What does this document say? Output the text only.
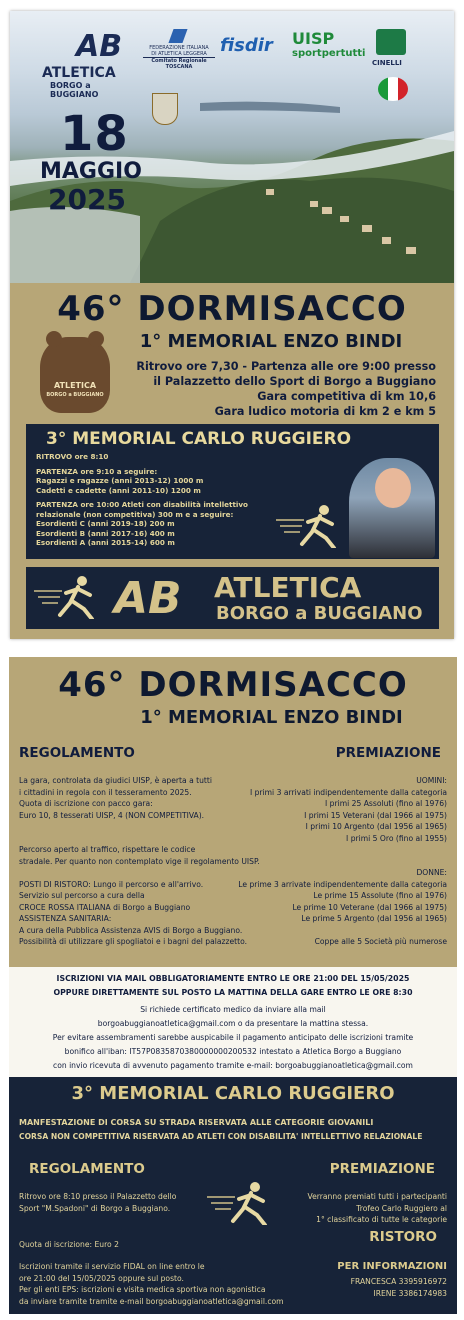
AB
ATLETICA
BORGO a BUGGIANO
FEDERAZIONE ITALIANA
DI ATLETICA LEGGERA
Comitato Regionale TOSCANA
fisdir UISP
sportpertutti
CINELLI
18
MAGGIO
2025
46° DORMISACCO
1° MEMORIAL ENZO BINDI
ATLETICA
BORGO a BUGGIANO
Ritrovo ore 7,30 - Partenza alle ore 9:00 presso
il Palazzetto dello Sport di Borgo a Buggiano
Gara competitiva di km 10,6
Gara ludico motoria di km 2 e km 5
3° MEMORIAL CARLO RUGGIERO
RITROVO ore 8:10
PARTENZA ore 9:10 a seguire:
Ragazzi e ragazze (anni 2013-12) 1000 m
Cadetti e cadette (anni 2011-10) 1200 m
PARTENZA ore 10:00 Atleti con disabilità intellettivo
relazionale (non competitiva) 300 m e a seguire:
Esordienti C (anni 2019-18) 200 m
Esordienti B (anni 2017-16) 400 m
Esordienti A (anni 2015-14) 600 m
AB ATLETICA
BORGO a BUGGIANO
46° DORMISACCO
1° MEMORIAL ENZO BINDI
REGOLAMENTO	PREMIAZIONE
La gara, controlata da giudici UISP, è aperta a tutti
i cittadini in regola con il tesseramento 2025.
Quota di iscrizione con pacco gara:
Euro 10, 8 tesserati UISP, 4 (NON COMPETITIVA).
Percorso aperto al traffico, rispettare le codice
stradale. Per quanto non contemplato vige il regolamento UISP.
POSTI DI RISTORO: Lungo il percorso e all'arrivo.
Servizio sul percorso a cura della
CROCE ROSSA ITALIANA di Borgo a Buggiano
ASSISTENZA SANITARIA:
A cura della Pubblica Assistenza AVIS di Borgo a Buggiano.
Possibilità di utilizzare gli spogliatoi e i bagni del palazzetto.
UOMINI:
I primi 3 arrivati indipendentemente dalla categoria
I primi 25 Assoluti (fino al 1976)
I primi 15 Veterani (dal 1966 al 1975)
I primi 10 Argento (dal 1956 al 1965)
I primi 5 Oro (fino al 1955)
DONNE:
Le prime 3 arrivate indipendentemente dalla categoria
Le prime 15 Assolute (fino al 1976)
Le prime 10 Veterane (dal 1966 al 1975)
Le prime 5 Argento (dal 1956 al 1965)
Coppe alle 5 Società più numerose
ISCRIZIONI VIA MAIL OBBLIGATORIAMENTE ENTRO LE ORE 21:00 DEL 15/05/2025
OPPURE DIRETTAMENTE SUL POSTO LA MATTINA DELLA GARE ENTRO LE ORE 8:30
Si richiede certificato medico da inviare alla mail
borgoabuggianoatletica@gmail.com o da presentare la mattina stessa.
Per evitare assembramenti sarebbe auspicabile il pagamento anticipato delle iscrizioni tramite
bonifico all'iban: IT57P0835870380000000200532 intestato a Atletica Borgo a Buggiano
con invio ricevuta di avvenuto pagamento tramite e-mail: borgoabuggianoatletica@gmail.com
3° MEMORIAL CARLO RUGGIERO
MANFESTAZIONE DI CORSA SU STRADA RISERVATA ALLE CATEGORIE GIOVANILI
CORSA NON COMPETITIVA RISERVATA AD ATLETI CON DISABILITA' INTELLETTIVO RELAZIONALE
REGOLAMENTO	PREMIAZIONE
Ritrovo ore 8:10 presso il Palazzetto dello
Sport "M.Spadoni" di Borgo a Buggiano.
Verranno premiati tutti i partecipanti
Trofeo Carlo Ruggiero al
1° classificato di tutte le categorie
Quota di iscrizione: Euro 2	RISTORO
Iscrizioni tramite il servizio FIDAL on line entro le
ore 21:00 del 15/05/2025 oppure sul posto.
Per gli enti EPS: iscrizioni e visita medica sportiva non agonistica
da inviare tramite tramite e-mail borgoabuggianoatletica@gmail.com
PER INFORMAZIONI
FRANCESCA 3395916972
IRENE 3386174983
